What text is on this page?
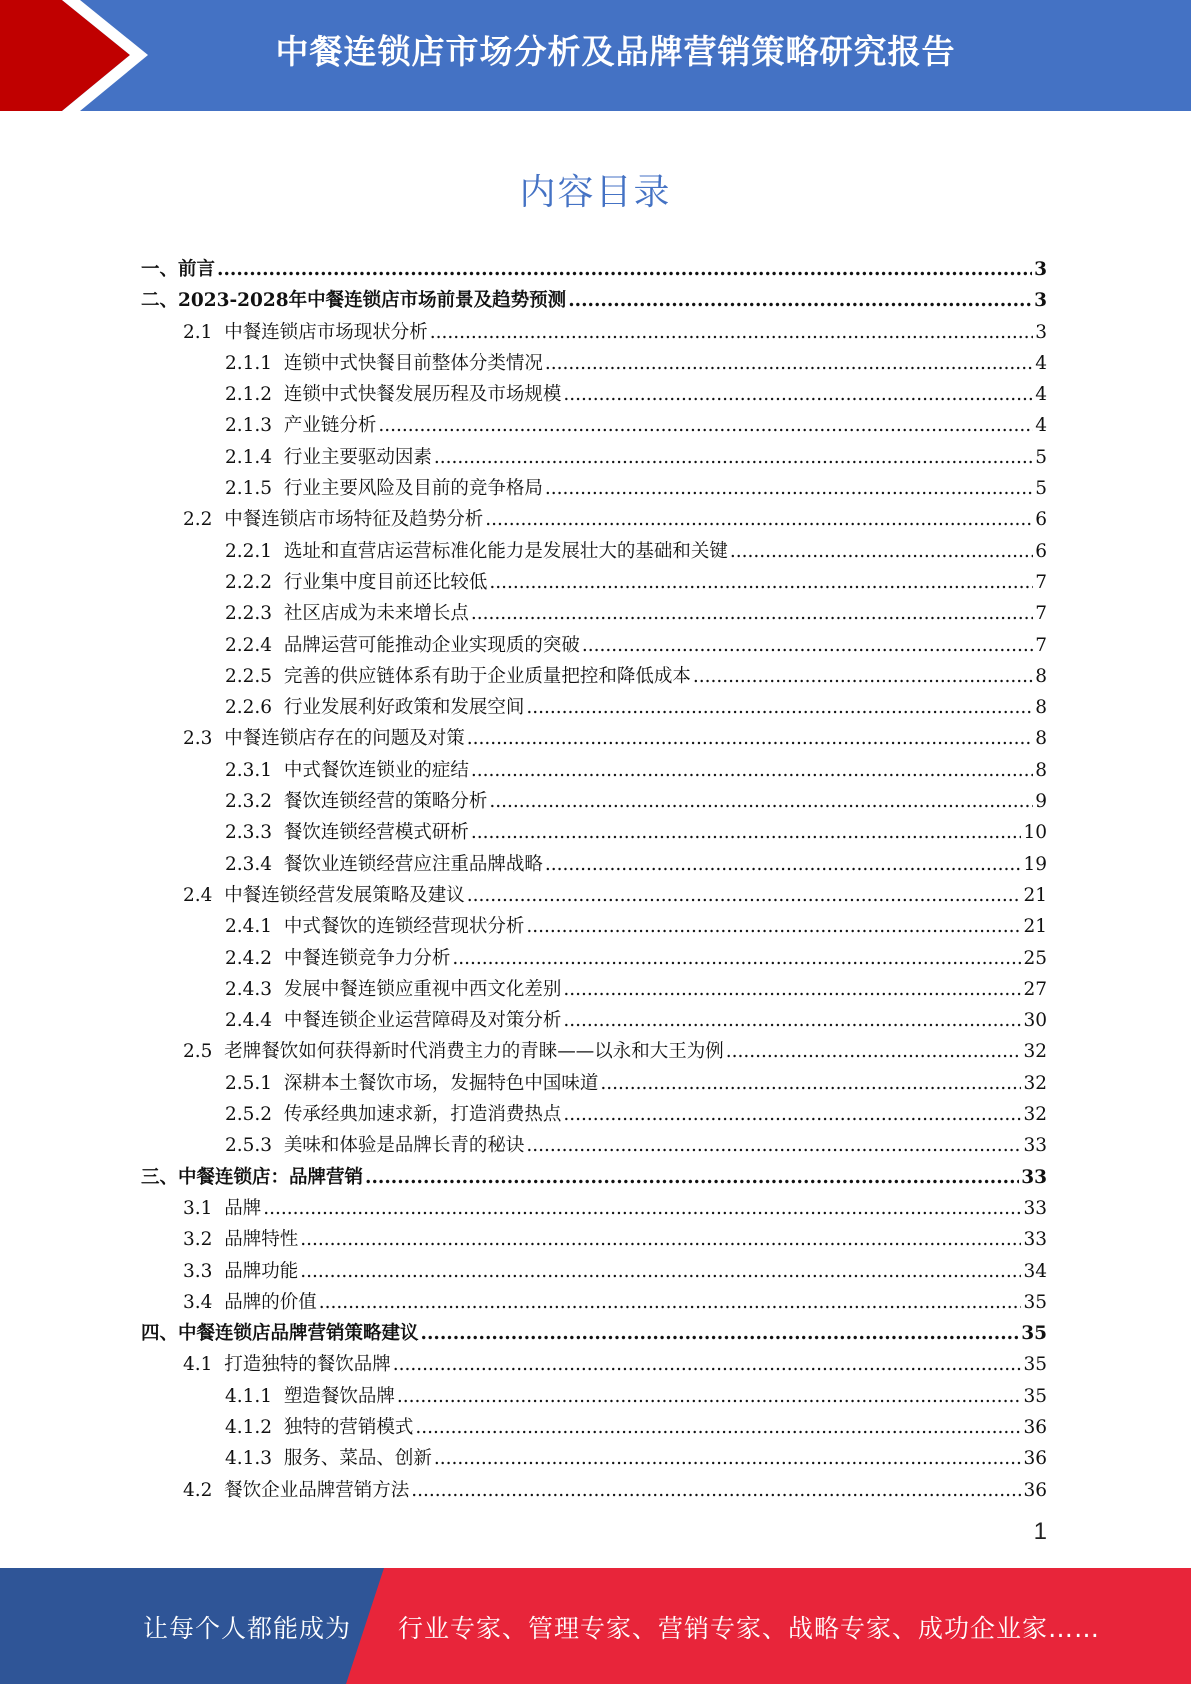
中餐连锁店市场分析及品牌营销策略研究报告
内容目录
一、 前言 .....	3
二、 2023-2028年中餐连锁店市场前景及趋势预测 .....	3
2.1 中餐连锁店市场现状分析 .....	3
2.1.1 连锁中式快餐目前整体分类情况 .....	4
2.1.2 连锁中式快餐发展历程及市场规模 .....	4
2.1.3 产业链分析 .....	4
2.1.4 行业主要驱动因素 .....	5
2.1.5 行业主要风险及目前的竞争格局 .....	5
2.2 中餐连锁店市场特征及趋势分析 .....	6
2.2.1 选址和直营店运营标准化能力是发展壮大的基础和关键 .....	6
2.2.2 行业集中度目前还比较低 .....	7
2.2.3 社区店成为未来增长点 .....	7
2.2.4 品牌运营可能推动企业实现质的突破 .....	7
2.2.5 完善的供应链体系有助于企业质量把控和降低成本 .....	8
2.2.6 行业发展利好政策和发展空间 .....	8
2.3 中餐连锁店存在的问题及对策 .....	8
2.3.1 中式餐饮连锁业的症结 .....	8
2.3.2 餐饮连锁经营的策略分析 .....	9
2.3.3 餐饮连锁经营模式研析 .....	10
2.3.4 餐饮业连锁经营应注重品牌战略 .....	19
2.4 中餐连锁经营发展策略及建议 .....	21
2.4.1 中式餐饮的连锁经营现状分析 .....	21
2.4.2 中餐连锁竞争力分析 .....	25
2.4.3 发展中餐连锁应重视中西文化差别 .....	27
2.4.4 中餐连锁企业运营障碍及对策分析 .....	30
2.5 老牌餐饮如何获得新时代消费主力的青睐——以永和大王为例 .....	32
2.5.1 深耕本土餐饮市场，发掘特色中国味道 .....	32
2.5.2 传承经典加速求新，打造消费热点 .....	32
2.5.3 美味和体验是品牌长青的秘诀 .....	33
三、 中餐连锁店：品牌营销 .....	33
3.1 品牌 .....	33
3.2 品牌特性 .....	33
3.3 品牌功能 .....	34
3.4 品牌的价值 .....	35
四、 中餐连锁店品牌营销策略建议 .....	35
4.1 打造独特的餐饮品牌 .....	35
4.1.1 塑造餐饮品牌 .....	35
4.1.2 独特的营销模式 .....	36
4.1.3 服务、菜品、创新 .....	36
4.2 餐饮企业品牌营销方法 .....	36
1
让每个人都能成为 行业专家、管理专家、营销专家、战略专家、成功企业家……
